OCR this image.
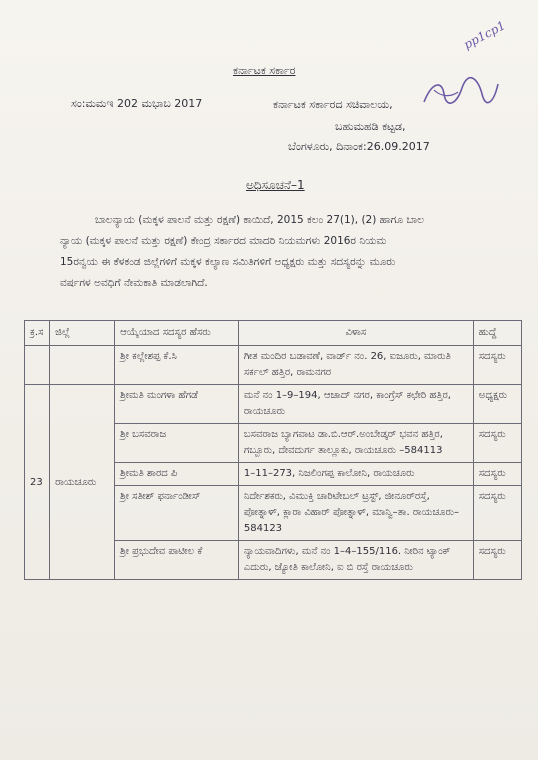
pp1cp1
ಕರ್ನಾಟಕ ಸರ್ಕಾರ
ಸಂ:ಮಮಇ 202 ಮಭಾಬ 2017	ಕರ್ನಾಟಕ ಸರ್ಕಾರದ ಸಚಿವಾಲಯ,
ಬಹುಮಹಡಿ ಕಟ್ಟಡ,
ಬೆಂಗಳೂರು, ದಿನಾಂಕ:26.09.2017
ಅಧಿಸೂಚನೆ–1
ಬಾಲನ್ಯಾಯ (ಮಕ್ಕಳ ಪಾಲನೆ ಮತ್ತು ರಕ್ಷಣೆ) ಕಾಯಿದೆ, 2015 ಕಲಂ 27(1), (2) ಹಾಗೂ ಬಾಲ
ನ್ಯಾಯ (ಮಕ್ಕಳ ಪಾಲನೆ ಮತ್ತು ರಕ್ಷಣೆ) ಕೇಂದ್ರ ಸರ್ಕಾರದ ಮಾದರಿ ನಿಯಮಗಳು 2016ರ ನಿಯಮ
15ರನ್ವಯ ಈ ಕೆಳಕಂಡ ಜಿಲ್ಲೆಗಳಿಗೆ ಮಕ್ಕಳ ಕಲ್ಯಾಣ ಸಮಿತಿಗಳಿಗೆ ಅಧ್ಯಕ್ಷರು ಮತ್ತು ಸದಸ್ಯರನ್ನು ಮೂರು
ವರ್ಷಗಳ ಅವಧಿಗೆ ನೇಮಕಾತಿ ಮಾಡಲಾಗಿದೆ.
ಕ್ರ.ಸ	ಜಿಲ್ಲೆ	ಆಯ್ಕೆಯಾದ ಸದಸ್ಯರ ಹೆಸರು	ವಿಳಾಸ	ಹುದ್ದೆ
		ಶ್ರೀ ಕಲ್ಲೇಶಪ್ಪ ಕೆ.ಸಿ	ಗೀತ ಮಂದಿರ ಬಡಾವಣೆ, ವಾರ್ಡ್ ನಂ. 26, ಐಜೂರು, ಮಾರುತಿ ಸರ್ಕಲ್ ಹತ್ತಿರ, ರಾಮನಗರ	ಸದಸ್ಯರು
23	ರಾಯಚೂರು	ಶ್ರೀಮತಿ ಮಂಗಳಾ ಹೆಗಡೆ	ಮನೆ ನಂ 1–9–194, ಆಜಾದ್ ನಗರ, ಕಾಂಗ್ರೆಸ್ ಕಛೇರಿ ಹತ್ತಿರ, ರಾಯಚೂರು	ಅಧ್ಯಕ್ಷರು
		ಶ್ರೀ ಬಸವರಾಜ	ಬಸವರಾಜ ಬ್ಯಾಗವಾಟ ಡಾ.ಬಿ.ಆರ್.ಅಂಬೇಡ್ಕರ್ ಭವನ ಹತ್ತಿರ, ಗಬ್ಬೂರು, ದೇವದುರ್ಗ ತಾಲ್ಲೂಕು, ರಾಯಚೂರು –584113	ಸದಸ್ಯರು
		ಶ್ರೀಮತಿ ಶಾರದ ಪಿ	1–11–273, ನಿಜಲಿಂಗಪ್ಪ ಕಾಲೋನಿ, ರಾಯಚೂರು	ಸದಸ್ಯರು
		ಶ್ರೀ ಸತೀಶ್ ಫರ್ನಾಂಡೀಸ್	ನಿರ್ದೇಶಕರು, ವಿಮುಕ್ತಿ ಚಾರಿಟೇಬಲ್ ಟ್ರಸ್ಟ್, ಜೀನೂರ್‌ರಸ್ತೆ, ಪೋತ್ನಾಳ್, ಕ್ಲಾರಾ ವಿಹಾರ್ ಪೋತ್ನಾಳ್, ಮಾನ್ವಿ–ತಾ. ರಾಯಚೂರು– 584123	ಸದಸ್ಯರು
		ಶ್ರೀ ಪ್ರಭುದೇವ ಪಾಟೀಲ ಕೆ	ನ್ಯಾಯವಾದಿಗಳು, ಮನೆ ನಂ 1–4–155/116. ನೀರಿನ ಟ್ಯಾಂಕ್ ಎದುರು, ಜ್ಯೋತಿ ಕಾಲೋನಿ, ಐ ಬಿ ರಸ್ತೆ ರಾಯಚೂರು	ಸದಸ್ಯರು
